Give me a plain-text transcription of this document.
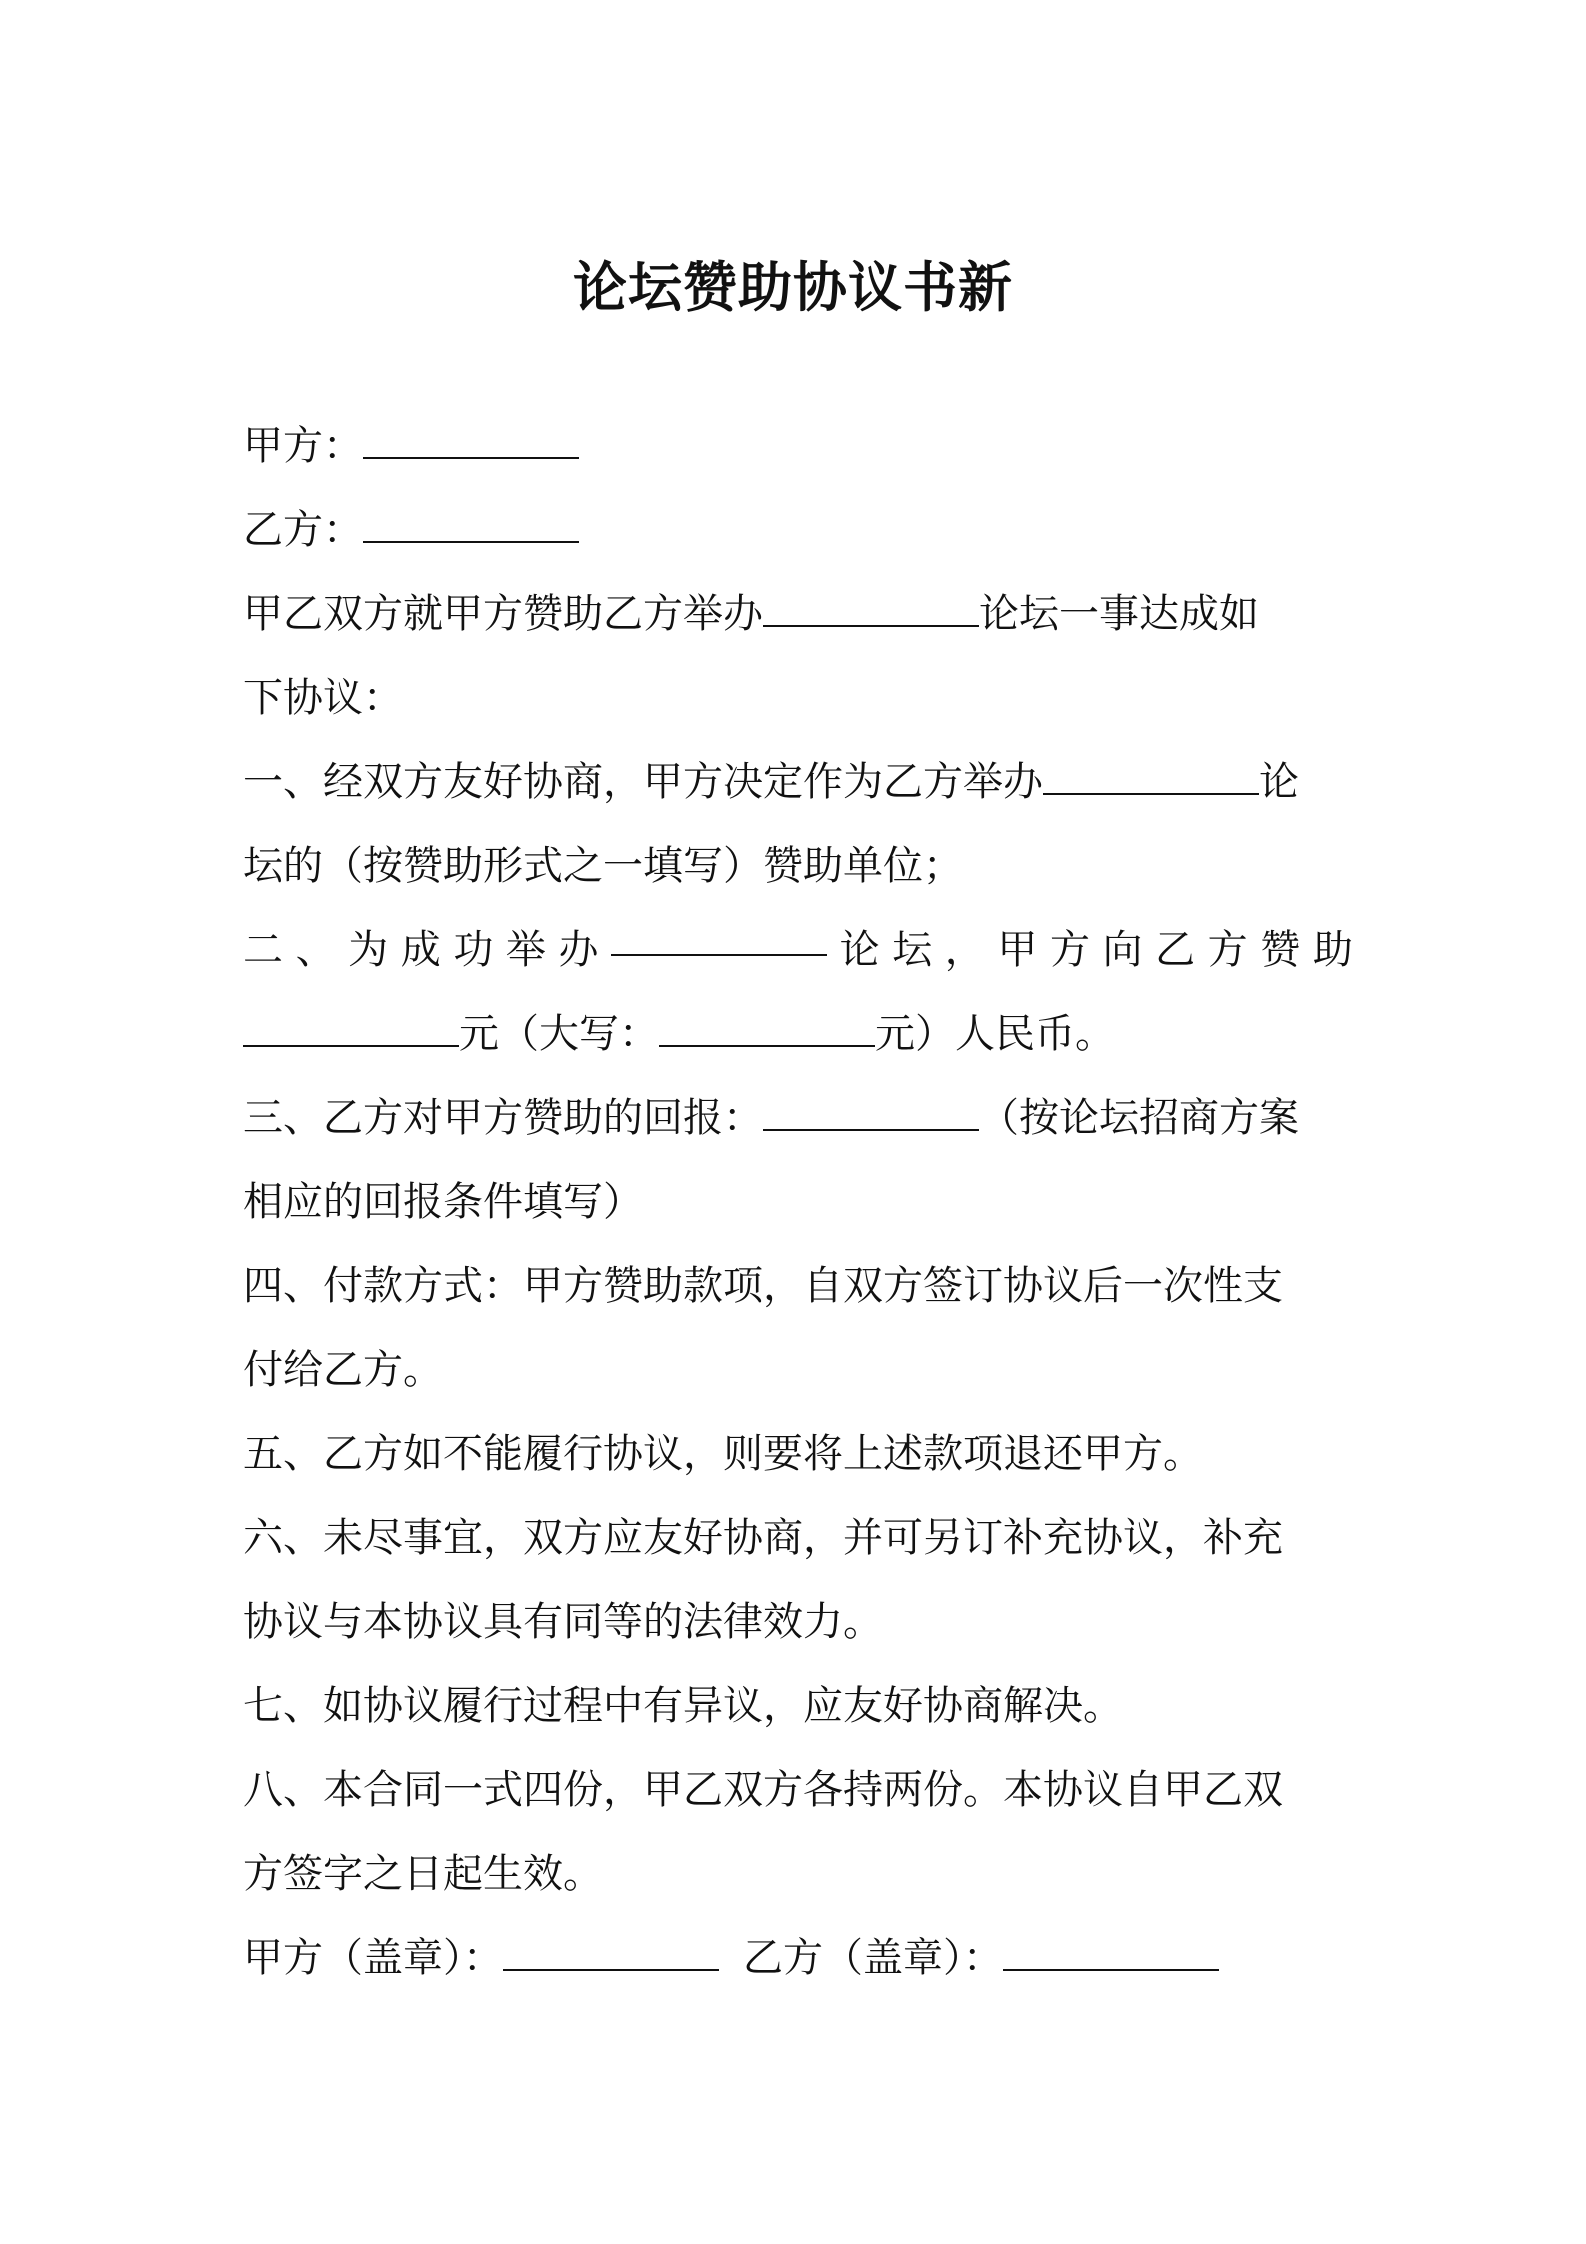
论坛赞助协议书新
甲方：
乙方：
甲乙双方就甲方赞助乙方举办	论坛一事达成如
下协议：
一、经双方友好协商，甲方决定作为乙方举办	论
坛的（按赞助形式之一填写）赞助单位；
二 、 为 成 功 举 办	论 坛 ， 甲 方 向 乙 方 赞 助
元（大写：	元）人民币。
三、乙方对甲方赞助的回报：	（按论坛招商方案
相应的回报条件填写）
四、付款方式：甲方赞助款项，自双方签订协议后一次性支
付给乙方。
五、乙方如不能履行协议，则要将上述款项退还甲方。
六、未尽事宜，双方应友好协商，并可另订补充协议，补充
协议与本协议具有同等的法律效力。
七、如协议履行过程中有异议，应友好协商解决。
八、本合同一式四份，甲乙双方各持两份。本协议自甲乙双
方签字之日起生效。
甲方（盖章）：	乙方（盖章）：
